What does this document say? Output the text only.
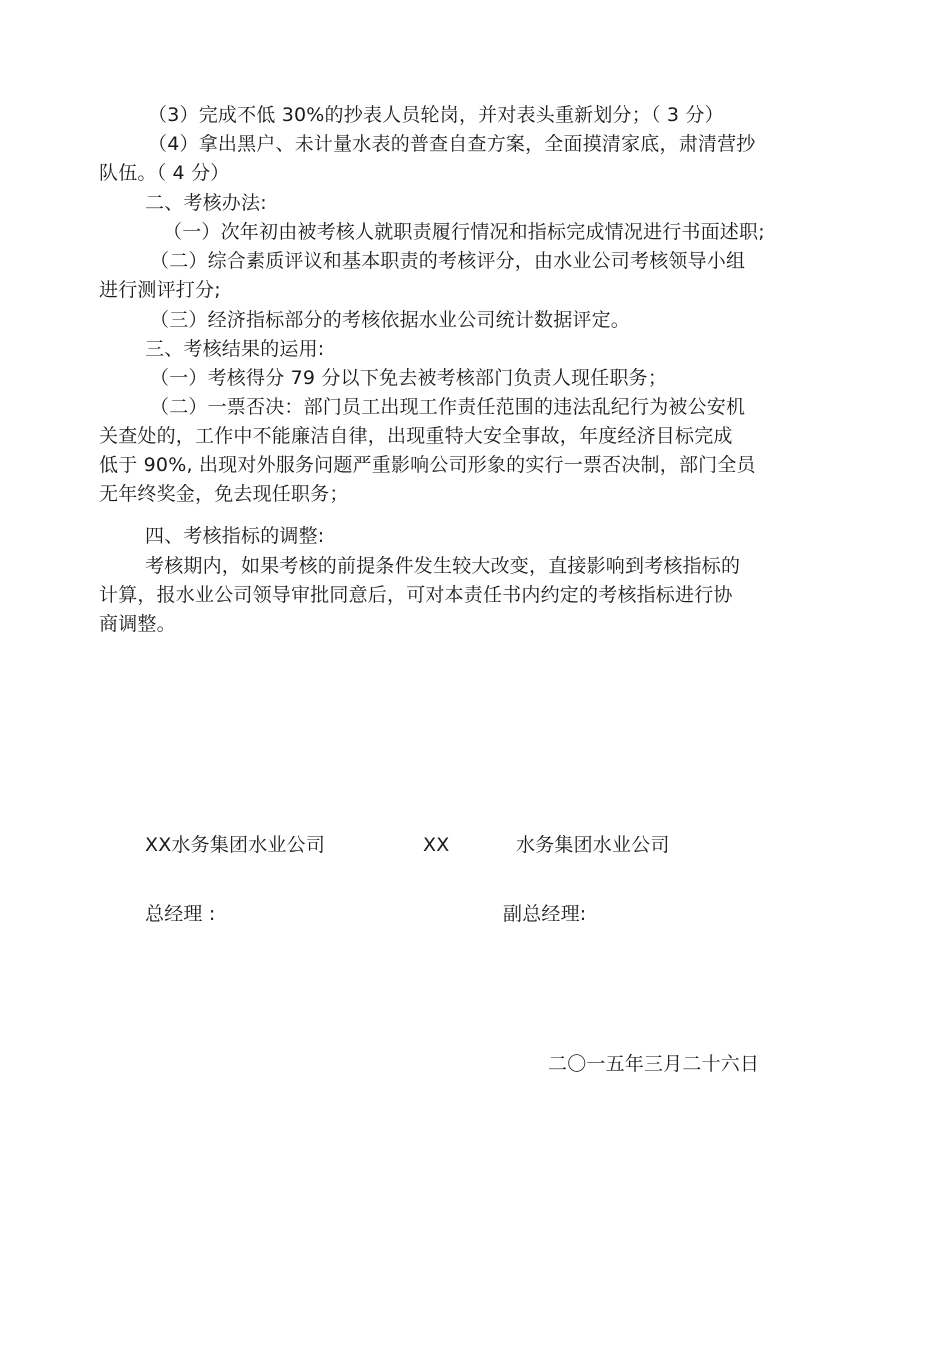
（3）完成不低 30%的抄表人员轮岗，并对表头重新划分；（ 3 分）
（4）拿出黑户、未计量水表的普查自查方案，全面摸清家底，肃清营抄
队伍。（ 4 分）
二、考核办法:
（一）次年初由被考核人就职责履行情况和指标完成情况进行书面述职;
（二）综合素质评议和基本职责的考核评分，由水业公司考核领导小组
进行测评打分;
（三）经济指标部分的考核依据水业公司统计数据评定。
三、考核结果的运用:
（一）考核得分 79 分以下免去被考核部门负责人现任职务；
（二）一票否决：部门员工出现工作责任范围的违法乱纪行为被公安机
关查处的，工作中不能廉洁自律，出现重特大安全事故，年度经济目标完成
低于 90%, 出现对外服务问题严重影响公司形象的实行一票否决制，部门全员
无年终奖金，免去现任职务；
四、考核指标的调整:
考核期内，如果考核的前提条件发生较大改变，直接影响到考核指标的
计算，报水业公司领导审批同意后，可对本责任书内约定的考核指标进行协
商调整。
XX水务集团水业公司	XX	水务集团水业公司
总经理 :	副总经理:
二〇一五年三月二十六日
